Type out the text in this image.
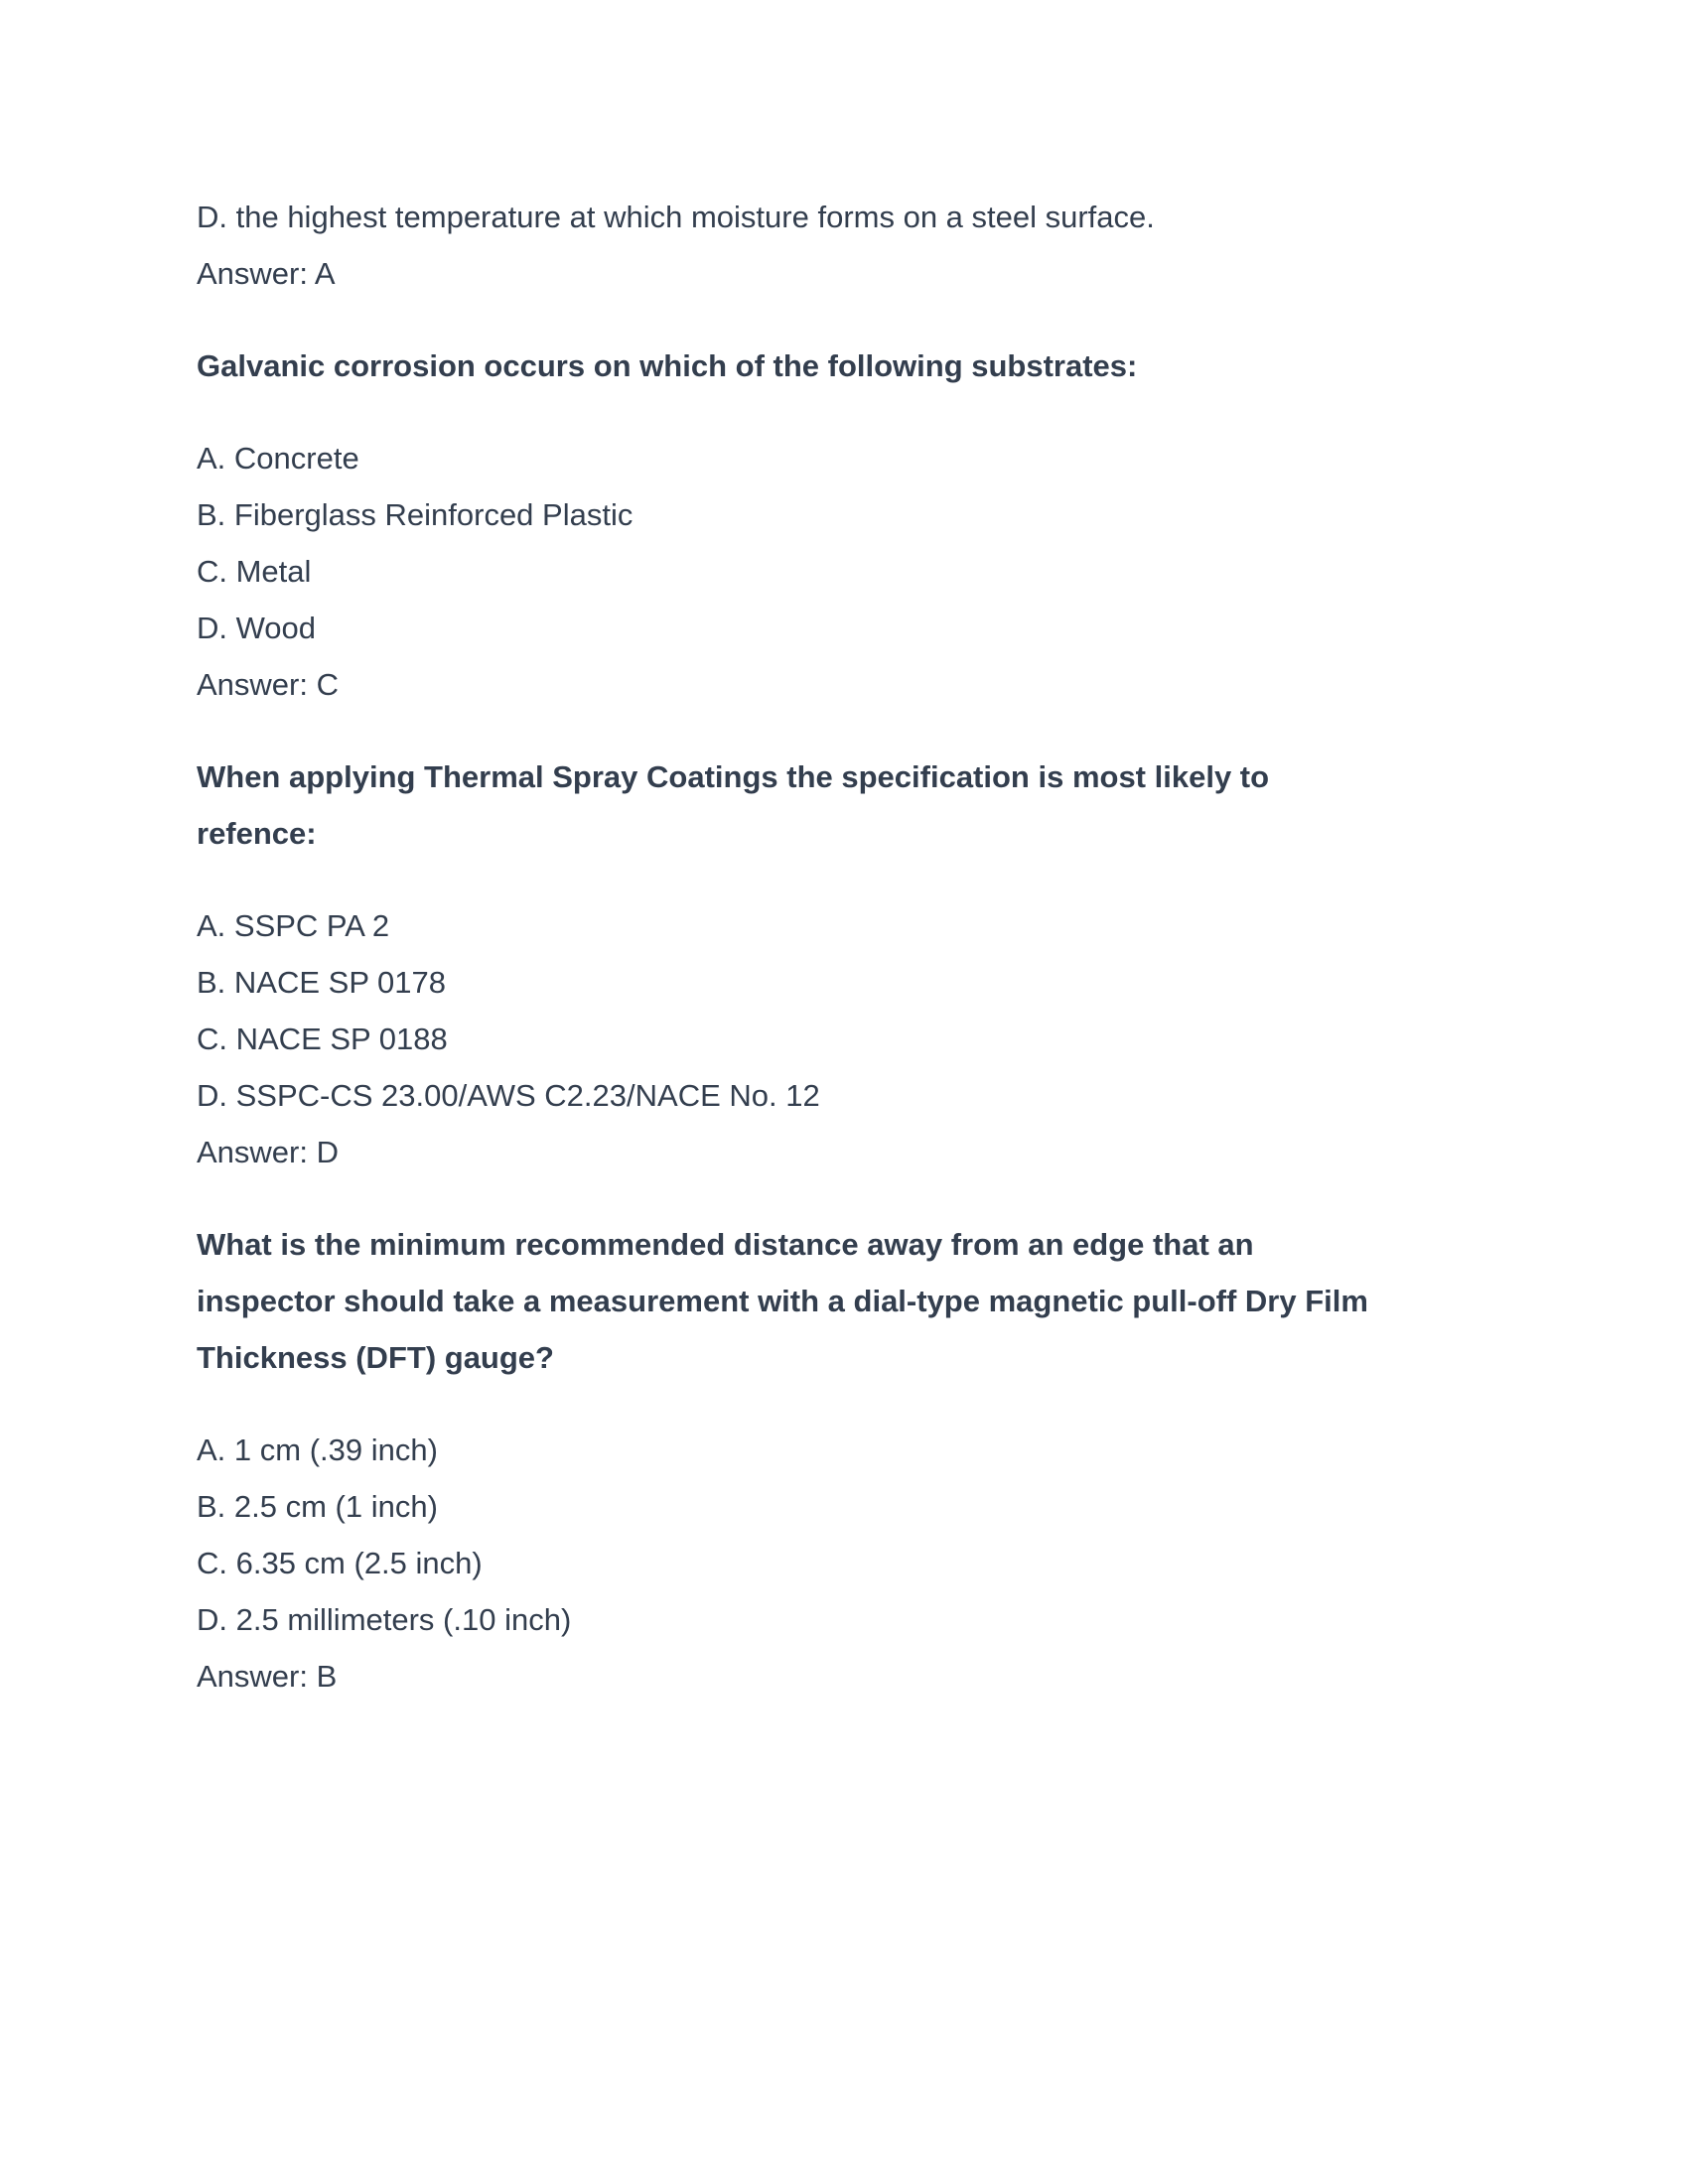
D. the highest temperature at which moisture forms on a steel surface.
Answer: A
Galvanic corrosion occurs on which of the following substrates:
A. Concrete
B. Fiberglass Reinforced Plastic
C. Metal
D. Wood
Answer: C
When applying Thermal Spray Coatings the specification is most likely to
refence:
A. SSPC PA 2
B. NACE SP 0178
C. NACE SP 0188
D. SSPC-CS 23.00/AWS C2.23/NACE No. 12
Answer: D
What is the minimum recommended distance away from an edge that an
inspector should take a measurement with a dial-type magnetic pull-off Dry Film
Thickness (DFT) gauge?
A. 1 cm (.39 inch)
B. 2.5 cm (1 inch)
C. 6.35 cm (2.5 inch)
D. 2.5 millimeters (.10 inch)
Answer: B
